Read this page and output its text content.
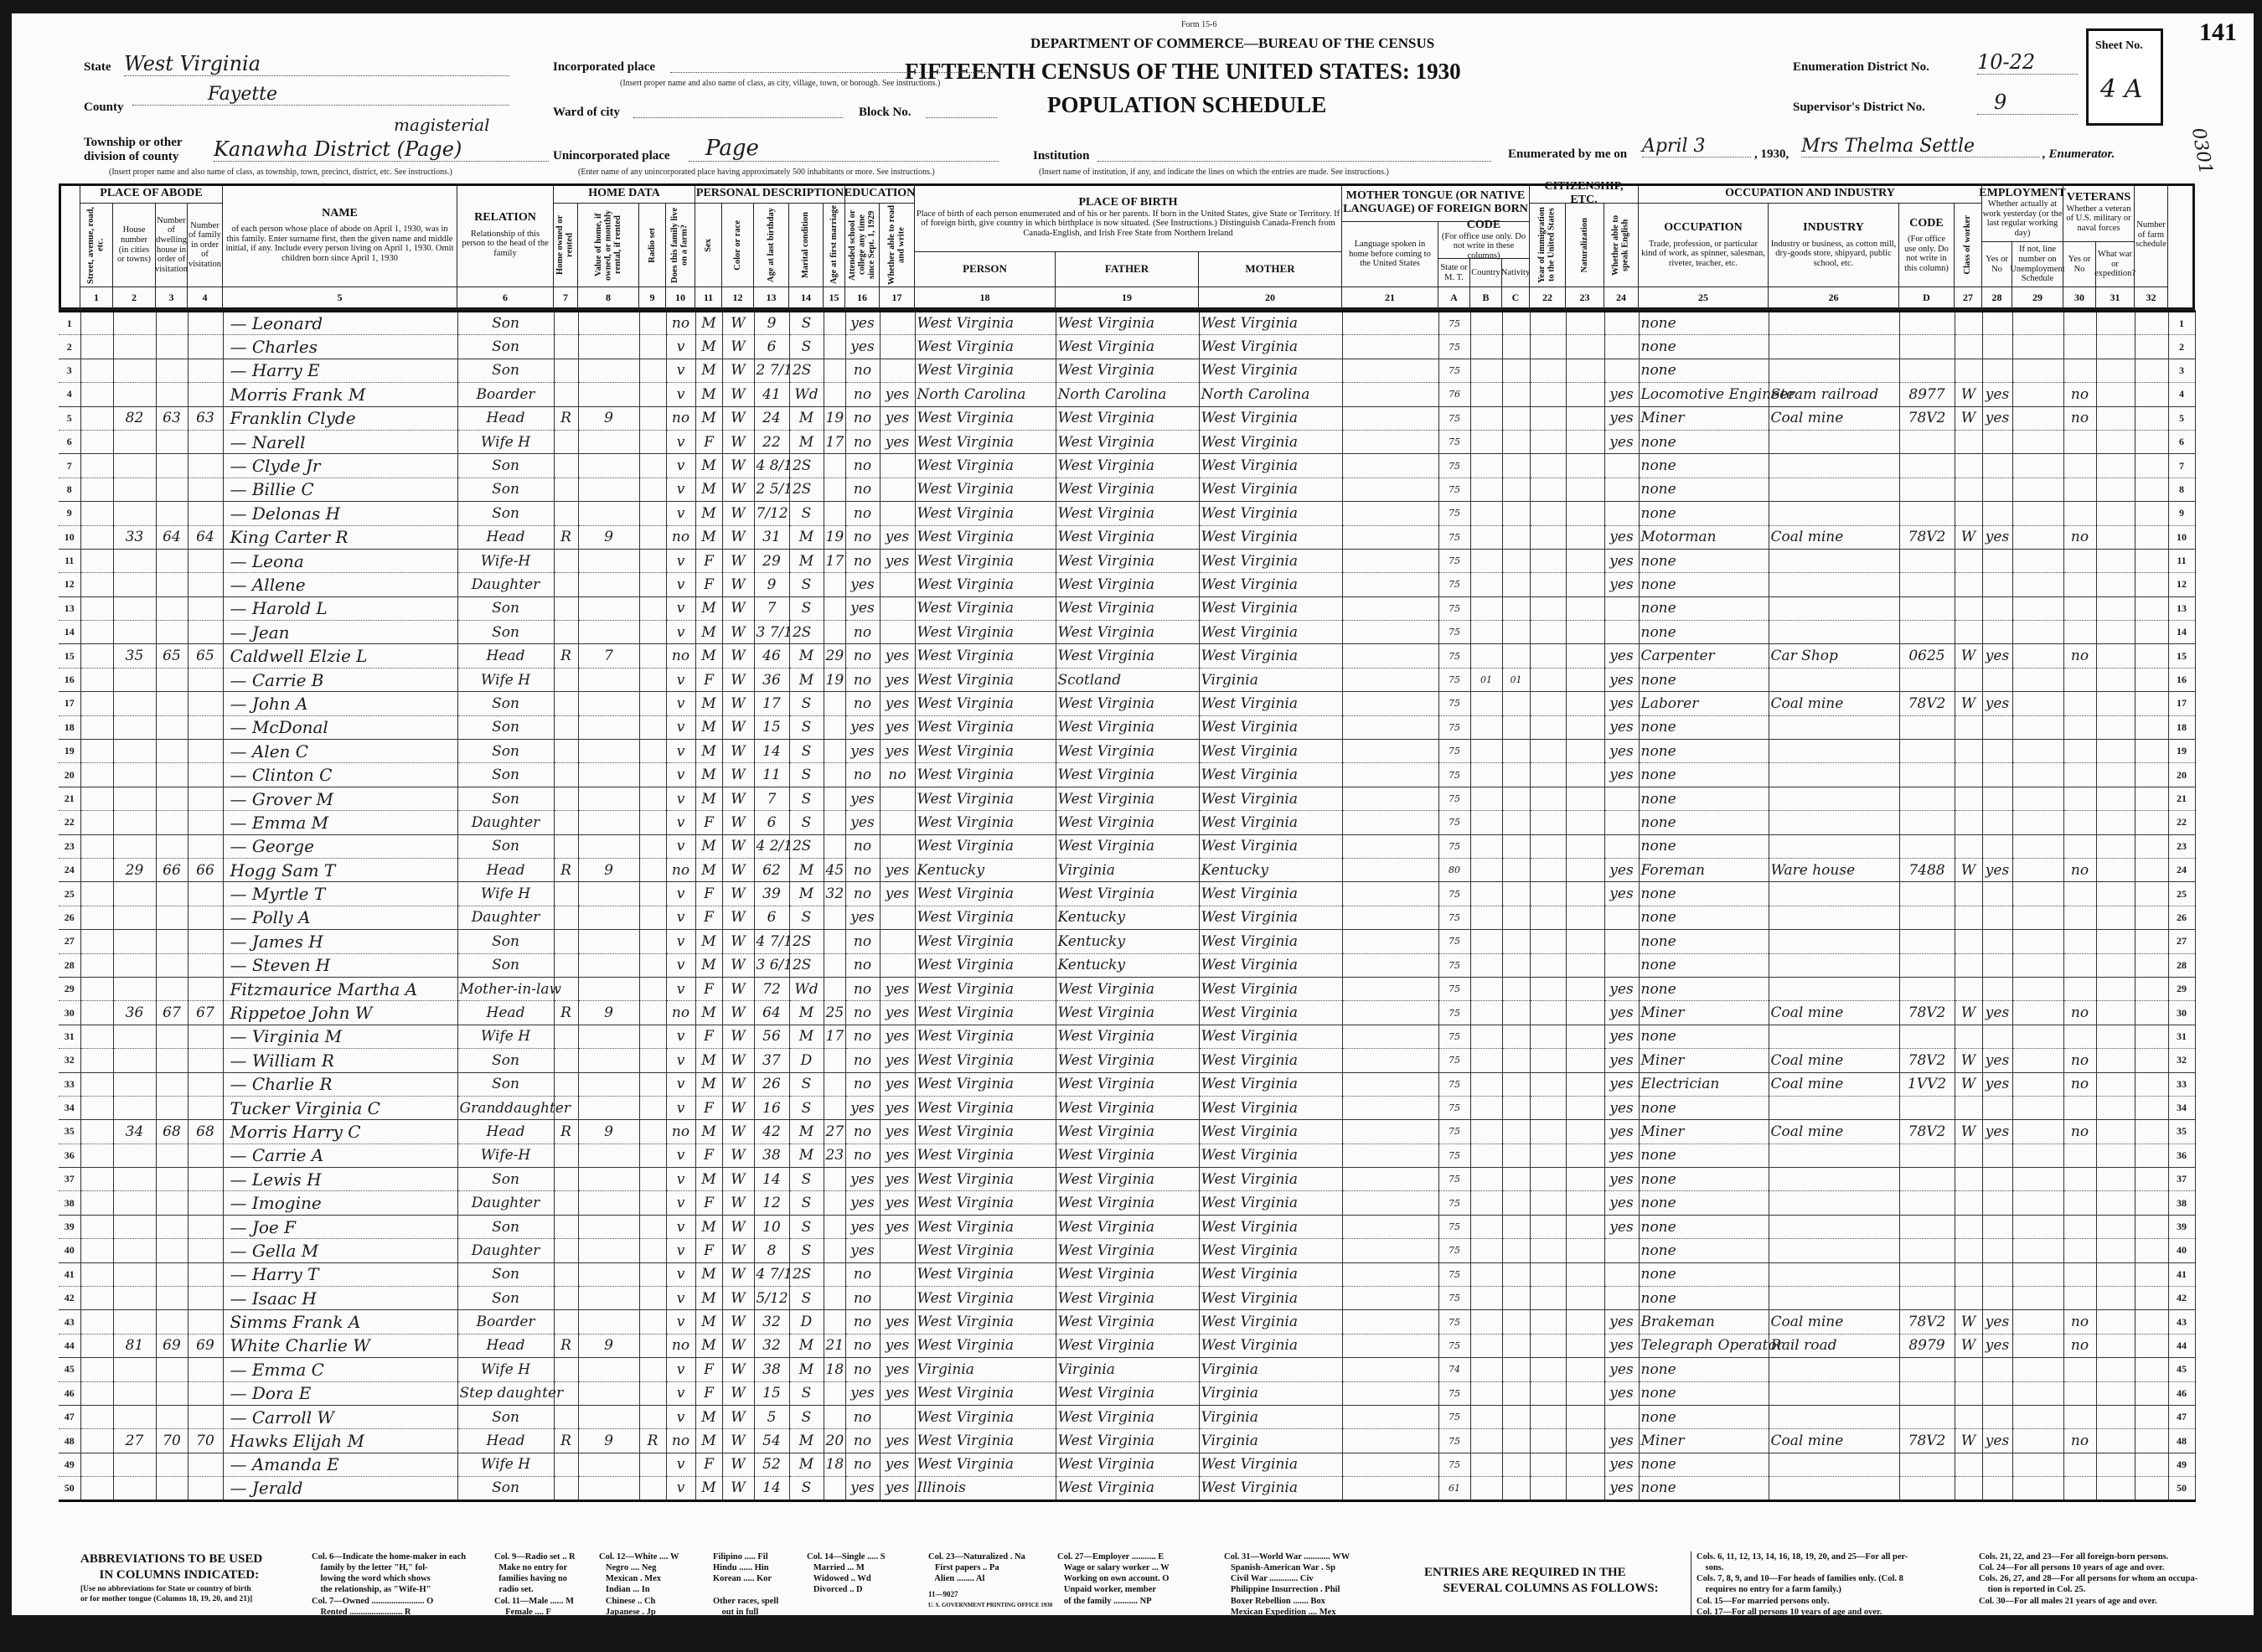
Form 15-6
DEPARTMENT OF COMMERCE—BUREAU OF THE CENSUS
FIFTEENTH CENSUS OF THE UNITED STATES: 1930
POPULATION SCHEDULE
141
Sheet No.
4 A
0301
State West Virginia
County
Fayette
Township or other division of county
magisterial
Kanawha District (Page)
(Insert proper name and also name of class, as township, town, precinct, district, etc. See instructions.)
Incorporated place
(Insert proper name and also name of class, as city, village, town, or borough. See instructions.)
Ward of city	Block No.
Unincorporated place	Page
(Enter name of any unincorporated place having approximately 500 inhabitants or more. See instructions.)
Institution
(Insert name of institution, if any, and indicate the lines on which the entries are made. See instructions.)
Enumeration District No. 10-22
Supervisor's District No.	9
Enumerated by me on April 3	, 1930, Mrs Thelma Settle	, Enumerator.
PLACE OF ABODE	HOME DATA	PERSONAL DESCRIPTION EDUCATION
PLACE OF BIRTH
Place of birth of each person enumerated and of his or her parents. If born in the United States, give State or Territory. If of foreign birth, give country in which birthplace is now situated. (See Instructions.) Distinguish Canada-French from Canada-English, and Irish Free State from Northern Ireland
MOTHER TONGUE (OR NATIVE LANGUAGE) OF FOREIGN BORN
CODE
(For office use only. Do not write in these columns)
CITIZENSHIP, ETC.
OCCUPATION AND INDUSTRY	EMPLOYMENT
Whether actually at work yesterday (or the last regular working day)
VETERANS
Whether a veteran of U.S. military or naval forces
Street, avenue, road, etc.
1
House number (in cities or towns)
2
Number of dwelling house in order of visitation
3
Number of family in order of visitation
4
NAME
of each person whose place of abode on April 1, 1930, was in this family. Enter surname first, then the given name and middle initial, if any. Include every person living on April 1, 1930. Omit children born since April 1, 1930
5
RELATION
Relationship of this person to the head of the family
6
Home owned or rented
7
Value of home, if owned, or monthly rental, if rented
8
Radio set
9
Does this family live on a farm?
10
Sex
11
Color or race
12
Age at last birthday
13
Marital condition
14
Age at first marriage
15
Attended school or college any time since Sept. 1, 1929
16
Whether able to read and write
17
PERSON
18
FATHER
19
MOTHER
20
Language spoken in home before coming to the United States
21
State or M. T.
A
Country
B
Nativity
C
Year of immigration to the United States
22
Naturalization
23
Whether able to speak English
24
OCCUPATION
Trade, profession, or particular kind of work, as spinner, salesman, riveter, teacher, etc.
25
INDUSTRY
Industry or business, as cotton mill, dry-goods store, shipyard, public school, etc.
26
CODE
(For office use only. Do not write in this column)
D
Class of worker
27
Yes or No
28
If not, line number on Unemployment Schedule
29
Yes or No
30
What war or expedition?
31
Number of farm schedule
32
1					— Leonard	Son				no	M	W	9	S		yes		West Virginia	West Virginia	West Virginia		75						none									1
2					— Charles	Son				v	M	W	6	S		yes		West Virginia	West Virginia	West Virginia		75						none									2
3					— Harry E	Son				v	M	W	2 7/12	S		no		West Virginia	West Virginia	West Virginia		75						none									3
4					Morris Frank M	Boarder				v	M	W	41	Wd		no	yes	North Carolina	North Carolina	North Carolina		76					yes	Locomotive Engineer	Steam railroad	8977	W	yes		no			4
5		82	63	63	Franklin Clyde	Head	R	9		no	M	W	24	M	19	no	yes	West Virginia	West Virginia	West Virginia		75					yes	Miner	Coal mine	78V2	W	yes		no			5
6					— Narell	Wife H				v	F	W	22	M	17	no	yes	West Virginia	West Virginia	West Virginia		75					yes	none									6
7					— Clyde Jr	Son				v	M	W	4 8/12	S		no		West Virginia	West Virginia	West Virginia		75						none									7
8					— Billie C	Son				v	M	W	2 5/12	S		no		West Virginia	West Virginia	West Virginia		75						none									8
9					— Delonas H	Son				v	M	W	7/12	S		no		West Virginia	West Virginia	West Virginia		75						none									9
10		33	64	64	King Carter R	Head	R	9		no	M	W	31	M	19	no	yes	West Virginia	West Virginia	West Virginia		75					yes	Motorman	Coal mine	78V2	W	yes		no			10
11					— Leona	Wife-H				v	F	W	29	M	17	no	yes	West Virginia	West Virginia	West Virginia		75					yes	none									11
12					— Allene	Daughter				v	F	W	9	S		yes		West Virginia	West Virginia	West Virginia		75					yes	none									12
13					— Harold L	Son				v	M	W	7	S		yes		West Virginia	West Virginia	West Virginia		75						none									13
14					— Jean	Son				v	M	W	3 7/12	S		no		West Virginia	West Virginia	West Virginia		75						none									14
15		35	65	65	Caldwell Elzie L	Head	R	7		no	M	W	46	M	29	no	yes	West Virginia	West Virginia	West Virginia		75					yes	Carpenter	Car Shop	0625	W	yes		no			15
16					— Carrie B	Wife H				v	F	W	36	M	19	no	yes	West Virginia	Scotland	Virginia		75	01	01			yes	none									16
17					— John A	Son				v	M	W	17	S		no	yes	West Virginia	West Virginia	West Virginia		75					yes	Laborer	Coal mine	78V2	W	yes					17
18					— McDonal	Son				v	M	W	15	S		yes	yes	West Virginia	West Virginia	West Virginia		75					yes	none									18
19					— Alen C	Son				v	M	W	14	S		yes	yes	West Virginia	West Virginia	West Virginia		75					yes	none									19
20					— Clinton C	Son				v	M	W	11	S		no	no	West Virginia	West Virginia	West Virginia		75					yes	none									20
21					— Grover M	Son				v	M	W	7	S		yes		West Virginia	West Virginia	West Virginia		75						none									21
22					— Emma M	Daughter				v	F	W	6	S		yes		West Virginia	West Virginia	West Virginia		75						none									22
23					— George	Son				v	M	W	4 2/12	S		no		West Virginia	West Virginia	West Virginia		75						none									23
24		29	66	66	Hogg Sam T	Head	R	9		no	M	W	62	M	45	no	yes	Kentucky	Virginia	Kentucky		80					yes	Foreman	Ware house	7488	W	yes		no			24
25					— Myrtle T	Wife H				v	F	W	39	M	32	no	yes	West Virginia	West Virginia	West Virginia		75					yes	none									25
26					— Polly A	Daughter				v	F	W	6	S		yes		West Virginia	Kentucky	West Virginia		75						none									26
27					— James H	Son				v	M	W	4 7/12	S		no		West Virginia	Kentucky	West Virginia		75						none									27
28					— Steven H	Son				v	M	W	3 6/12	S		no		West Virginia	Kentucky	West Virginia		75						none									28
29					Fitzmaurice Martha A	Mother-in-law				v	F	W	72	Wd		no	yes	West Virginia	West Virginia	West Virginia		75					yes	none									29
30		36	67	67	Rippetoe John W	Head	R	9		no	M	W	64	M	25	no	yes	West Virginia	West Virginia	West Virginia		75					yes	Miner	Coal mine	78V2	W	yes		no			30
31					— Virginia M	Wife H				v	F	W	56	M	17	no	yes	West Virginia	West Virginia	West Virginia		75					yes	none									31
32					— William R	Son				v	M	W	37	D		no	yes	West Virginia	West Virginia	West Virginia		75					yes	Miner	Coal mine	78V2	W	yes		no			32
33					— Charlie R	Son				v	M	W	26	S		no	yes	West Virginia	West Virginia	West Virginia		75					yes	Electrician	Coal mine	1VV2	W	yes		no			33
34					Tucker Virginia C	Granddaughter				v	F	W	16	S		yes	yes	West Virginia	West Virginia	West Virginia		75					yes	none									34
35		34	68	68	Morris Harry C	Head	R	9		no	M	W	42	M	27	no	yes	West Virginia	West Virginia	West Virginia		75					yes	Miner	Coal mine	78V2	W	yes		no			35
36					— Carrie A	Wife-H				v	F	W	38	M	23	no	yes	West Virginia	West Virginia	West Virginia		75					yes	none									36
37					— Lewis H	Son				v	M	W	14	S		yes	yes	West Virginia	West Virginia	West Virginia		75					yes	none									37
38					— Imogine	Daughter				v	F	W	12	S		yes	yes	West Virginia	West Virginia	West Virginia		75					yes	none									38
39					— Joe F	Son				v	M	W	10	S		yes	yes	West Virginia	West Virginia	West Virginia		75					yes	none									39
40					— Gella M	Daughter				v	F	W	8	S		yes		West Virginia	West Virginia	West Virginia		75						none									40
41					— Harry T	Son				v	M	W	4 7/12	S		no		West Virginia	West Virginia	West Virginia		75						none									41
42					— Isaac H	Son				v	M	W	5/12	S		no		West Virginia	West Virginia	West Virginia		75						none									42
43					Simms Frank A	Boarder				v	M	W	32	D		no	yes	West Virginia	West Virginia	West Virginia		75					yes	Brakeman	Coal mine	78V2	W	yes		no			43
44		81	69	69	White Charlie W	Head	R	9		no	M	W	32	M	21	no	yes	West Virginia	West Virginia	West Virginia		75					yes	Telegraph Operator	Rail road	8979	W	yes		no			44
45					— Emma C	Wife H				v	F	W	38	M	18	no	yes	Virginia	Virginia	Virginia		74					yes	none									45
46					— Dora E	Step daughter				v	F	W	15	S		yes	yes	West Virginia	West Virginia	Virginia		75					yes	none									46
47					— Carroll W	Son				v	M	W	5	S		no		West Virginia	West Virginia	Virginia		75						none									47
48		27	70	70	Hawks Elijah M	Head	R	9	R	no	M	W	54	M	20	no	yes	West Virginia	West Virginia	Virginia		75					yes	Miner	Coal mine	78V2	W	yes		no			48
49					— Amanda E	Wife H				v	F	W	52	M	18	no	yes	West Virginia	West Virginia	West Virginia		75					yes	none									49
50					— Jerald	Son				v	M	W	14	S		yes	yes	Illinois	West Virginia	West Virginia		61					yes	none									50
ABBREVIATIONS TO BE USED
IN COLUMNS INDICATED:
[Use no abbreviations for State or country of birth
or for mother tongue (Columns 18, 19, 20, and 21)]
Col. 6—Indicate the home-maker in each
family by the letter "H," fol-
lowing the word which shows
the relationship, as "Wife-H"
Col. 7—Owned ........................ O
Rented ........................ R
Col. 9—Radio set .. R
Make no entry for
families having no
radio set.
Col. 11—Male ...... M
Female .... F
Col. 12—White .... W
Negro .... Neg
Mexican . Mex
Indian ... In
Chinese .. Ch
Japanese . Jp
Filipino ..... Fil
Hindu ...... Hin
Korean ..... Kor

Other races, spell
out in full
Col. 14—Single ..... S
Married ... M
Widowed .. Wd
Divorced .. D
Col. 23—Naturalized . Na
First papers .. Pa
Alien ........ Al
Col. 27—Employer ........... E
Wage or salary worker ... W
Working on own account. O
Unpaid worker, member
of the family ........... NP
Col. 31—World War ............ WW
Spanish-American War . Sp
Civil War ............. Civ
Philippine Insurrection . Phil
Boxer Rebellion ....... Box
Mexican Expedition .... Mex
ENTRIES ARE REQUIRED IN THE
SEVERAL COLUMNS AS FOLLOWS:
Cols. 6, 11, 12, 13, 14, 16, 18, 19, 20, and 25—For all per-
sons.
Cols. 7, 8, 9, and 10—For heads of families only. (Col. 8
requires no entry for a farm family.)
Col. 15—For married persons only.
Col. 17—For all persons 10 years of age and over.
Cols. 21, 22, and 23—For all foreign-born persons.
Col. 24—For all persons 10 years of age and over.
Cols. 26, 27, and 28—For all persons for whom an occupa-
tion is reported in Col. 25.
Col. 30—For all males 21 years of age and over.
11—9027
U. S. GOVERNMENT PRINTING OFFICE 1930
